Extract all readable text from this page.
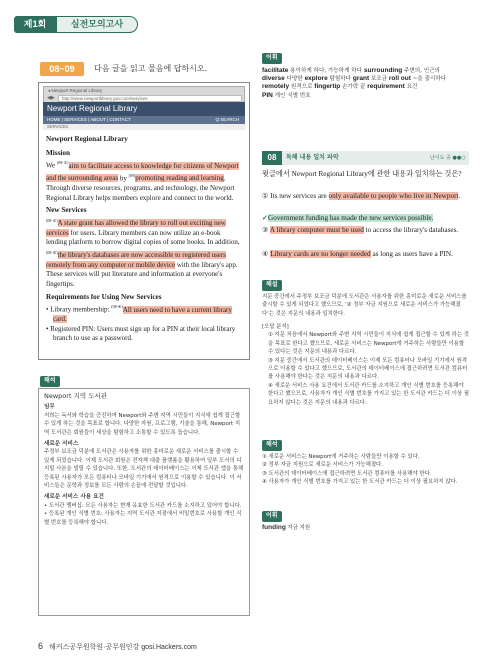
제1회	실전모의고사
08~09	다음 글을 읽고 물음에 답하시오.
◂ Newport Regional Library
◀▶	http://www.newportlibrary.gov.com/services
Newport Regional Library
HOME | SERVICES | ABOUT | CONTACT	Q SEARCH
SERVICES
Newport Regional Library
Mission

We $^{(08-①)}$aim to facilitate access to knowledge for citizens of Newport and the surrounding areas by $^{(09)}$promoting reading and learning. Through diverse resources, programs, and technology, the Newport Regional Library helps members explore and connect to the world.

New Services

$^{(08-②)}$A state grant has allowed the library to roll out exciting new services for users. Library members can now utilize an e-book lending platform to borrow digital copies of some books. In addition, $^{(08-③)}$the library's databases are now accessible to registered users remotely from any computer or mobile device with the library's app. These services will put literature and information at everyone's fingertips.

Requirements for Using New Services
• Library membership: $^{(08-④)}$All users need to have a current library card.
• Registered PIN: Users must sign up for a PIN at their local library branch to use as a password.
해석
Newport 지역 도서관
임무
저희는 독서와 학습을 증진하여 Newport와 주변 지역 시민들이 지식에 쉽게 접근할 수 있게 하는 것을 목표로 합니다. 다양한 자원, 프로그램, 기술을 통해, Newport 지역 도서관은 회원들이 세상을 탐험하고 소통할 수 있도록 돕습니다.
새로운 서비스
주정부 보조금 덕분에 도서관은 사용자를 위한 흥미로운 새로운 서비스를 출시할 수 있게 되었습니다. 이제 도서관 회원은 전자책 대출 플랫폼을 활용하여 일부 도서의 디지털 사본을 빌릴 수 있습니다. 또한, 도서관의 데이터베이스는 이제 도서관 앱을 통해 등록된 사용자가 모든 컴퓨터나 모바일 기기에서 원격으로 이용할 수 있습니다. 이 서비스들은 문학과 정보를 모든 사람의 손끝에 전달할 것입니다.
새로운 서비스 사용 요건
• 도서관 멤버십: 모든 사용자는 현재 유효한 도서관 카드를 소지하고 있어야 합니다.
• 등록된 개인 식별 번호: 사용자는 지역 도서관 지점에서 비밀번호로 사용할 개인 식별 번호를 등록해야 합니다.
어휘
facilitate 용이하게 하다, 가능하게 하다 surrounding 주변의, 인근의
diverse 다양한 explore 탐험하다 grant 보조금 roll out ~을 출시하다
remotely 원격으로 fingertip 손가락 끝 requirement 요건
PIN 개인 식별 번호
08	독해 내용 일치 파악	난이도 중 ●●○
윗글에서 Newport Regional Library에 관한 내용과 일치하는 것은?
① Its new services are only available to people who live in Newport.
✓Government funding has made the new services possible.
③ A library computer must be used to access the library's databases.
④ Library cards are no longer needed as long as users have a PIN.
해설
지문 중간에서 주정부 보조금 덕분에 도서관은 사용자를 위한 흥미로운 새로운 서비스를 출시할 수 있게 되었다고 했으므로, '② 정부 자금 지원으로 새로운 서비스가 가능해졌다'는 것은 지문의 내용과 일치한다.
[오답 분석]
① 지문 처음에서 Newport와 주변 지역 시민들이 지식에 쉽게 접근할 수 있게 하는 것을 목표로 한다고 했으므로, 새로운 서비스는 Newport에 거주하는 사람들만 이용할 수 있다는 것은 지문의 내용과 다르다.
③ 지문 중간에서 도서관의 데이터베이스는 이제 모든 컴퓨터나 모바일 기기에서 원격으로 이용할 수 있다고 했으므로, 도서관의 데이터베이스에 접근하려면 도서관 컴퓨터를 사용해야 한다는 것은 지문의 내용과 다르다.
④ 새로운 서비스 사용 요건에서 도서관 카드를 소지하고 개인 식별 번호를 등록해야 한다고 했으므로, 사용자가 개인 식별 번호를 가지고 있는 한 도서관 카드는 더 이상 필요하지 않다는 것은 지문의 내용과 다르다.
해석
① 새로운 서비스는 Newport에 거주하는 사람들만 이용할 수 있다.
② 정부 자금 지원으로 새로운 서비스가 가능해졌다.
③ 도서관의 데이터베이스에 접근하려면 도서관 컴퓨터를 사용해야 한다.
④ 사용자가 개인 식별 번호를 가지고 있는 한 도서관 카드는 더 이상 필요하지 않다.
어휘
funding 자금 지원
6 해커스공무원학원·공무원인강 gosi.Hackers.com
